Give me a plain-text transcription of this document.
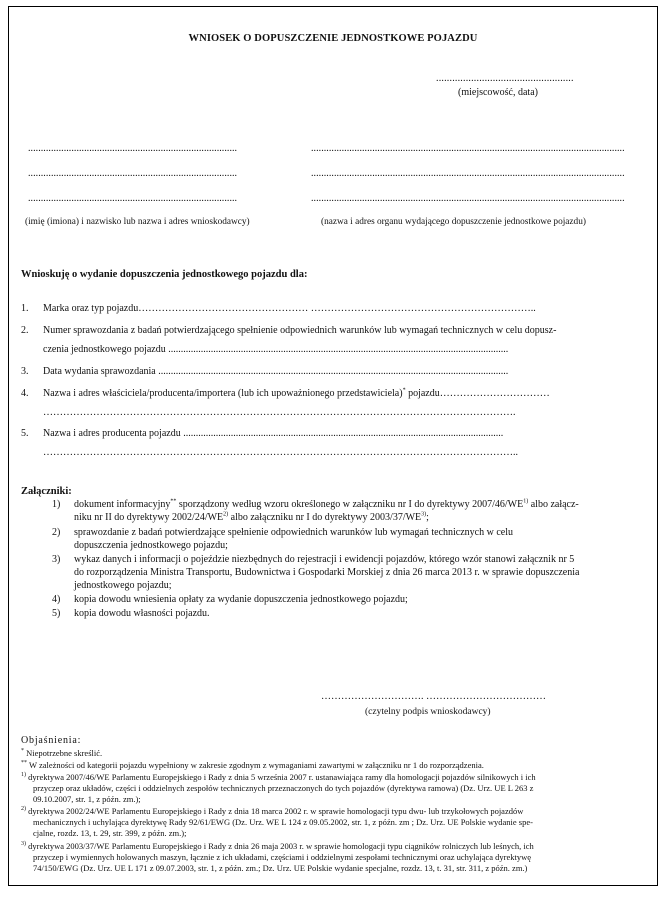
WNIOSEK O DOPUSZCZENIE JEDNOSTKOWE POJAZDU
...................................................
(miejscowość, data)
..................................................................................
..................................................................................
..................................................................................
(imię (imiona) i nazwisko lub nazwa i adres wnioskodawcy)
...........................................................................................................................
...........................................................................................................................
...........................................................................................................................
(nazwa i adres organu wydającego dopuszczenie jednostkowe pojazdu)
Wnioskuję o wydanie dopuszczenia jednostkowego pojazdu dla:
1. Marka oraz typ pojazdu…………………………………………… …………………………………………………………..
2. Numer sprawozdania z badań potwierdzającego spełnienie odpowiednich warunków lub wymagań technicznych w celu dopusz-
czenia jednostkowego pojazdu ........................................................................................................................................
3. Data wydania sprawozdania ............................................................................................................................................
4. Nazwa i adres właściciela/producenta/importera (lub ich upoważnionego przedstawiciela)* pojazdu……………………………
…………………………………………………………………………………………………………………………….
5. Nazwa i adres producenta pojazdu ................................................................................................................................
……………………………………………………………………………………………………………………………..
Załączniki:
1) dokument informacyjny** sporządzony według wzoru określonego w załączniku nr I do dyrektywy 2007/46/WE$^{1)}$ albo załącz-
niku nr II do dyrektywy 2002/24/WE$^{2)}$ albo załączniku nr I do dyrektywy 2003/37/WE$^{3)}$;
2) sprawozdanie z badań potwierdzające spełnienie odpowiednich warunków lub wymagań technicznych w celu
dopuszczenia jednostkowego pojazdu;
3) wykaz danych i informacji o pojeździe niezbędnych do rejestracji i ewidencji pojazdów, którego wzór stanowi załącznik nr 5
do rozporządzenia Ministra Transportu, Budownictwa i Gospodarki Morskiej z dnia 26 marca 2013 r. w sprawie dopuszczenia
jednostkowego pojazdu;
4) kopia dowodu wniesienia opłaty za wydanie dopuszczenia jednostkowego pojazdu;
5) kopia dowodu własności pojazdu.
…………………………. ………………………………
(czytelny podpis wnioskodawcy)
Objaśnienia:
* Niepotrzebne skreślić.
** W zależności od kategorii pojazdu wypełniony w zakresie zgodnym z wymaganiami zawartymi w załączniku nr 1 do rozporządzenia.
$^{1)}$ dyrektywa 2007/46/WE Parlamentu Europejskiego i Rady z dnia 5 września 2007 r. ustanawiająca ramy dla homologacji pojazdów silnikowych i ich
przyczep oraz układów, części i oddzielnych zespołów technicznych przeznaczonych do tych pojazdów (dyrektywa ramowa) (Dz. Urz. UE L 263 z
09.10.2007, str. 1, z późn. zm.);
$^{2)}$ dyrektywa 2002/24/WE Parlamentu Europejskiego i Rady z dnia 18 marca 2002 r. w sprawie homologacji typu dwu- lub trzykołowych pojazdów
mechanicznych i uchylająca dyrektywę Rady 92/61/EWG (Dz. Urz. WE L 124 z 09.05.2002, str. 1, z późn. zm ; Dz. Urz. UE Polskie wydanie spe-
cjalne, rozdz. 13, t. 29, str. 399, z późn. zm.);
$^{3)}$ dyrektywa 2003/37/WE Parlamentu Europejskiego i Rady z dnia 26 maja 2003 r. w sprawie homologacji typu ciągników rolniczych lub leśnych, ich
przyczep i wymiennych holowanych maszyn, łącznie z ich układami, częściami i oddzielnymi zespołami technicznymi oraz uchylająca dyrektywę
74/150/EWG (Dz. Urz. UE L 171 z 09.07.2003, str. 1, z późn. zm.; Dz. Urz. UE Polskie wydanie specjalne, rozdz. 13, t. 31, str. 311, z późn. zm.)
